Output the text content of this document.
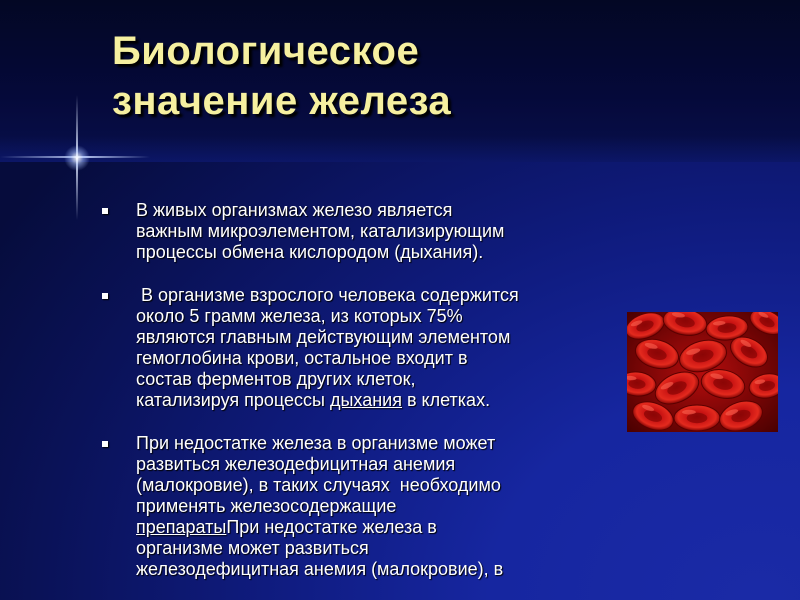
Биологическое
значение железа
В живых организмах железо является
важным микроэлементом, катализирующим
процессы обмена кислородом (дыхания).
В организме взрослого человека содержится
около 5 грамм железа, из которых 75%
являются главным действующим элементом
гемоглобина крови, остальное входит в
состав ферментов других клеток,
катализируя процессы дыхания в клетках.
При недостатке железа в организме может
развиться железодефицитная анемия
(малокровие), в таких случаях  необходимо
применять железосодержащие
препаратыПри недостатке железа в
организме может развиться
железодефицитная анемия (малокровие), в
